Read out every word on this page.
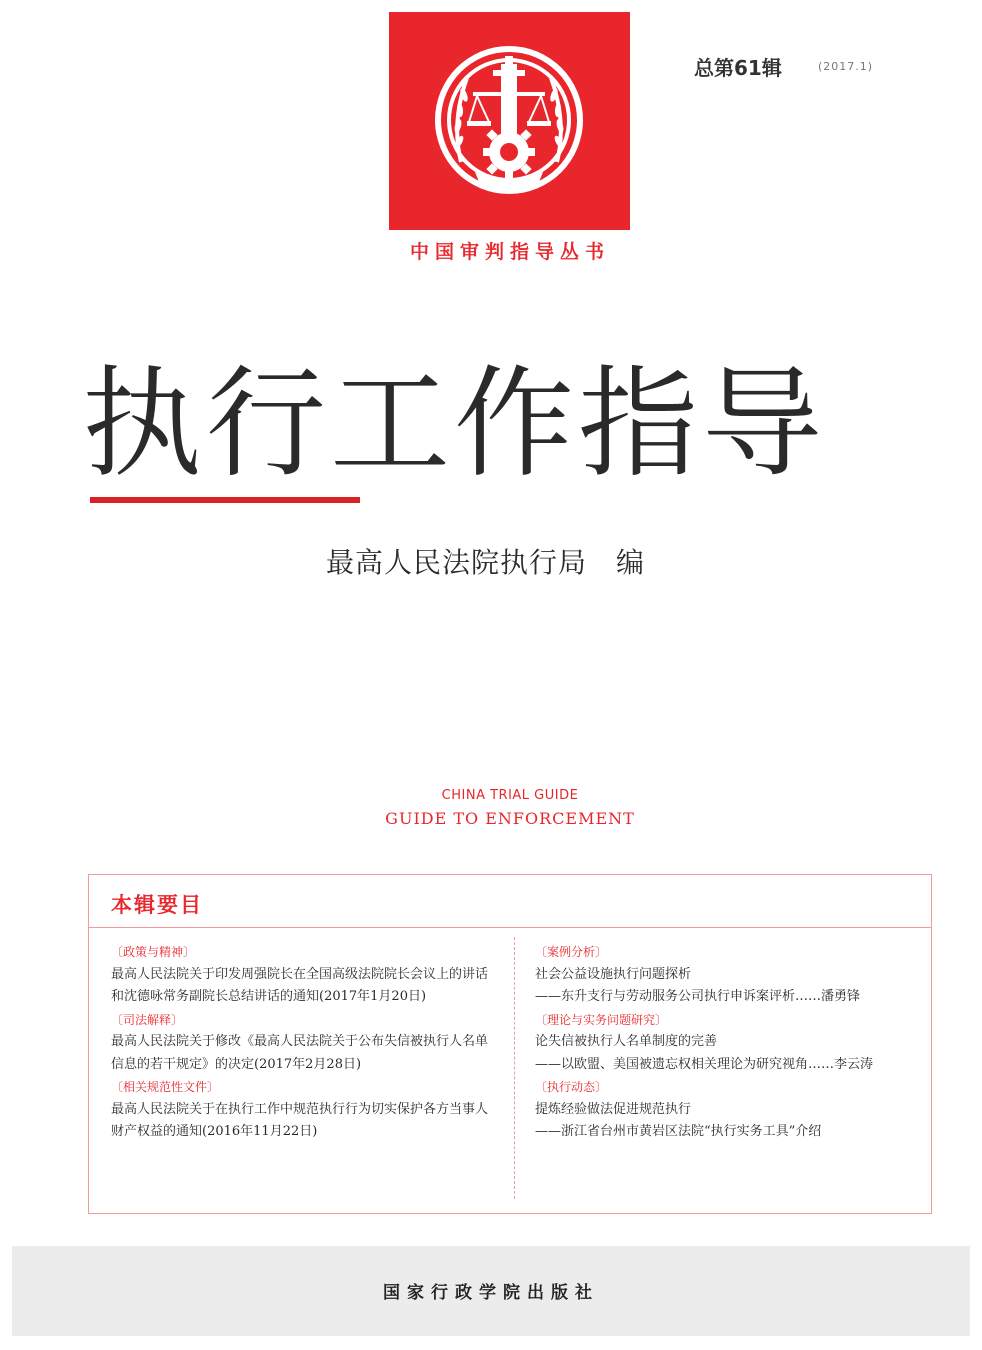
中国审判指导丛书
总第61辑	(2017.1)
执行工作指导
最高人民法院执行局　编
CHINA TRIAL GUIDE
GUIDE TO ENFORCEMENT
本辑要目
〔政策与精神〕
最高人民法院关于印发周强院长在全国高级法院院长会议上的讲话和沈德咏常务副院长总结讲话的通知(2017年1月20日)
〔司法解释〕
最高人民法院关于修改《最高人民法院关于公布失信被执行人名单信息的若干规定》的决定(2017年2月28日)
〔相关规范性文件〕
最高人民法院关于在执行工作中规范执行行为切实保护各方当事人财产权益的通知(2016年11月22日)
〔案例分析〕
社会公益设施执行问题探析
——东升支行与劳动服务公司执行申诉案评析……潘勇锋
〔理论与实务问题研究〕
论失信被执行人名单制度的完善
——以欧盟、美国被遗忘权相关理论为研究视角……李云涛
〔执行动态〕
提炼经验做法促进规范执行
——浙江省台州市黄岩区法院“执行实务工具”介绍
国家行政学院出版社
